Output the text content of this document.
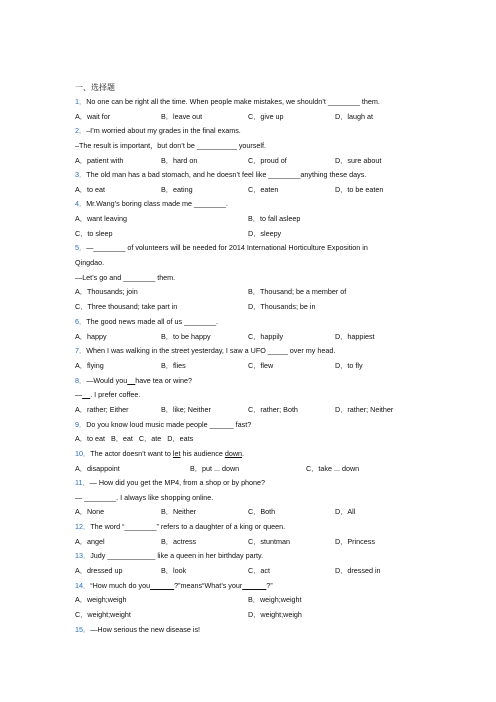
一、选择题
1．No one can be right all the time. When people make mistakes, we shouldn’t ________ them.
A．wait for	B．leave out	C．give up	D．laugh at
2．–I’m worried about my grades in the final exams.
–The result is important，but don’t be __________ yourself.
A．patient with	B．hard on	C．proud of	D．sure about
3．The old man has a bad stomach, and he doesn’t feel like ________anything these days.
A．to eat	B．eating	C．eaten	D．to be eaten
4．Mr.Wang’s boring class made me ________.
A．want leaving	B．to fall asleep
C．to sleep	D．sleepy
5．—________ of volunteers will be needed for 2014 International Horticulture Exposition in
Qingdao.
—Let’s go and ________ them.
A．Thousands; join	B．Thousand; be a member of
C．Three thousand; take part in	D．Thousands; be in
6．The good news made all of us ________.
A．happy	B．to be happy	C．happily	D．happiest
7．When I was walking in the street yesterday, I saw a UFO _____ over my head.
A．flying	B．flies	C．flew	D．to fly
8．—Would you have tea or wine?
— . I prefer coffee.
A．rather; Either	B．like; Neither	C．rather; Both	D．rather; Neither
9．Do you know loud music made people ______ fast?
A．to eat   B．eat   C．ate   D．eats
10．The actor doesn’t want to let his audience down.
A．disappoint	B．put ... down	C．take ... down
11．— How did you get the MP4, from a shop or by phone?
— ________. I always like shopping online.
A．None	B．Neither	C．Both	D．All
12．The word “________” refers to a daughter of a king or queen.
A．angel	B．actress	C．stuntman	D．Princess
13．Judy ____________ like a queen in her birthday party.
A．dressed up	B．look	C．act	D．dressed in
14．“How much do you______?”means“What’s your______?”
A．weigh;weigh	B．weigh;weight
C．weight;weight	D．weight;weigh
15．—How serious the new disease is!
